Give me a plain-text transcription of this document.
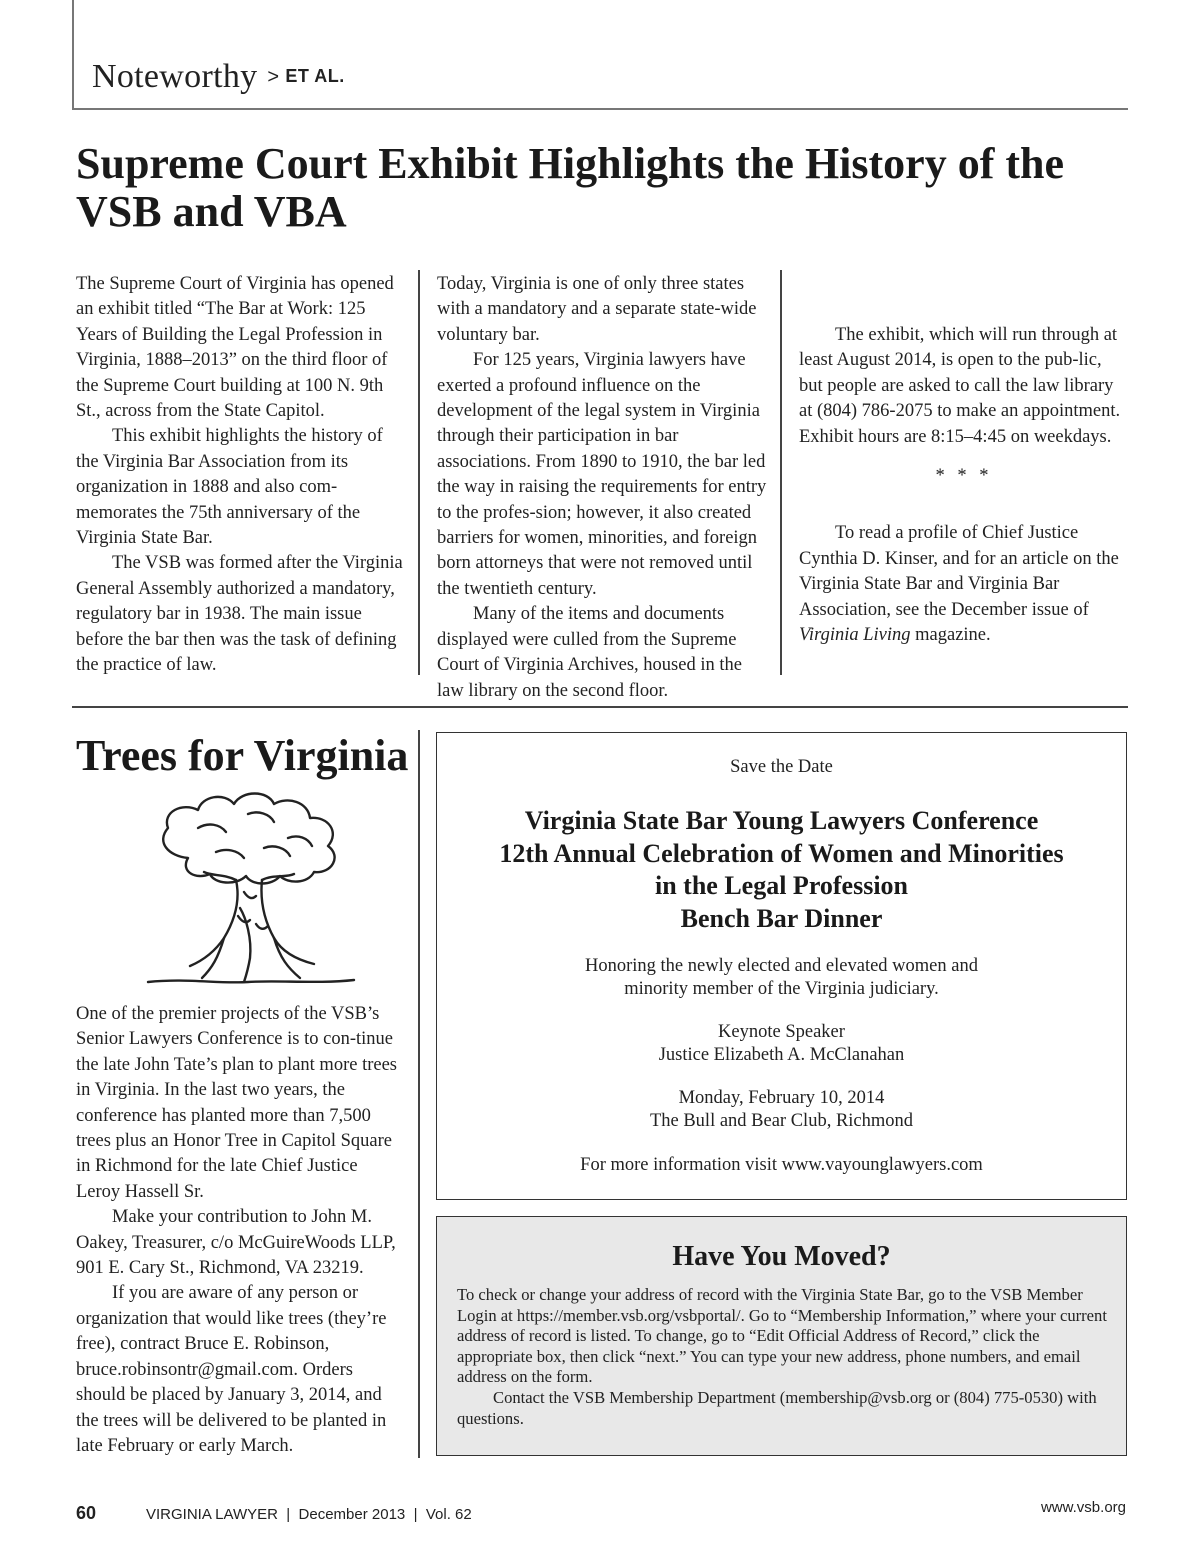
Noteworthy > $^{ET AL.}$
Supreme Court Exhibit Highlights the History of the VSB and VBA

The Supreme Court of Virginia has opened an exhibit titled “The Bar at Work: 125 Years of Building the Legal Profession in Virginia, 1888–2013” on the third floor of the Supreme Court building at 100 N. 9th St., across from the State Capitol.

This exhibit highlights the history of the Virginia Bar Association from its organization in 1888 and also com-memorates the 75th anniversary of the Virginia State Bar.

The VSB was formed after the Virginia General Assembly authorized a mandatory, regulatory bar in 1938. The main issue before the bar then was the task of defining the practice of law.

Today, Virginia is one of only three states with a mandatory and a separate state-wide voluntary bar.

For 125 years, Virginia lawyers have exerted a profound influence on the development of the legal system in Virginia through their participation in bar associations. From 1890 to 1910, the bar led the way in raising the requirements for entry to the profes-sion; however, it also created barriers for women, minorities, and foreign born attorneys that were not removed until the twentieth century.

Many of the items and documents displayed were culled from the Supreme Court of Virginia Archives, housed in the law library on the second floor.

The exhibit, which will run through at least August 2014, is open to the pub-lic, but people are asked to call the law library at (804) 786-2075 to make an appointment. Exhibit hours are 8:15–4:45 on weekdays.

* * *

To read a profile of Chief Justice Cynthia D. Kinser, and for an article on the Virginia State Bar and Virginia Bar Association, see the December issue of Virginia Living magazine.

Trees for Virginia

One of the premier projects of the VSB’s Senior Lawyers Conference is to con-tinue the late John Tate’s plan to plant more trees in Virginia. In the last two years, the conference has planted more than 7,500 trees plus an Honor Tree in Capitol Square in Richmond for the late Chief Justice Leroy Hassell Sr.

Make your contribution to John M. Oakey, Treasurer, c/o McGuireWoods LLP, 901 E. Cary St., Richmond, VA 23219.

If you are aware of any person or organization that would like trees (they’re free), contract Bruce E. Robinson, bruce.robinsontr@gmail.com. Orders should be placed by January 3, 2014, and the trees will be delivered to be planted in late February or early March.

Save the Date
Virginia State Bar Young Lawyers Conference
12th Annual Celebration of Women and Minorities
in the Legal Profession
Bench Bar Dinner
Honoring the newly elected and elevated women and
minority member of the Virginia judiciary.
Keynote Speaker
Justice Elizabeth A. McClanahan
Monday, February 10, 2014
The Bull and Bear Club, Richmond
For more information visit www.vayounglawyers.com
Have You Moved?

To check or change your address of record with the Virginia State Bar, go to the VSB Member Login at https://member.vsb.org/vsbportal/. Go to “Membership Information,” where your current address of record is listed. To change, go to “Edit Official Address of Record,” click the appropriate box, then click “next.” You can type your new address, phone numbers, and email address on the form.

Contact the VSB Membership Department (membership@vsb.org or (804) 775-0530) with questions.

60	VIRGINIA LAWYER  |  December 2013  |  Vol. 62	www.vsb.org
